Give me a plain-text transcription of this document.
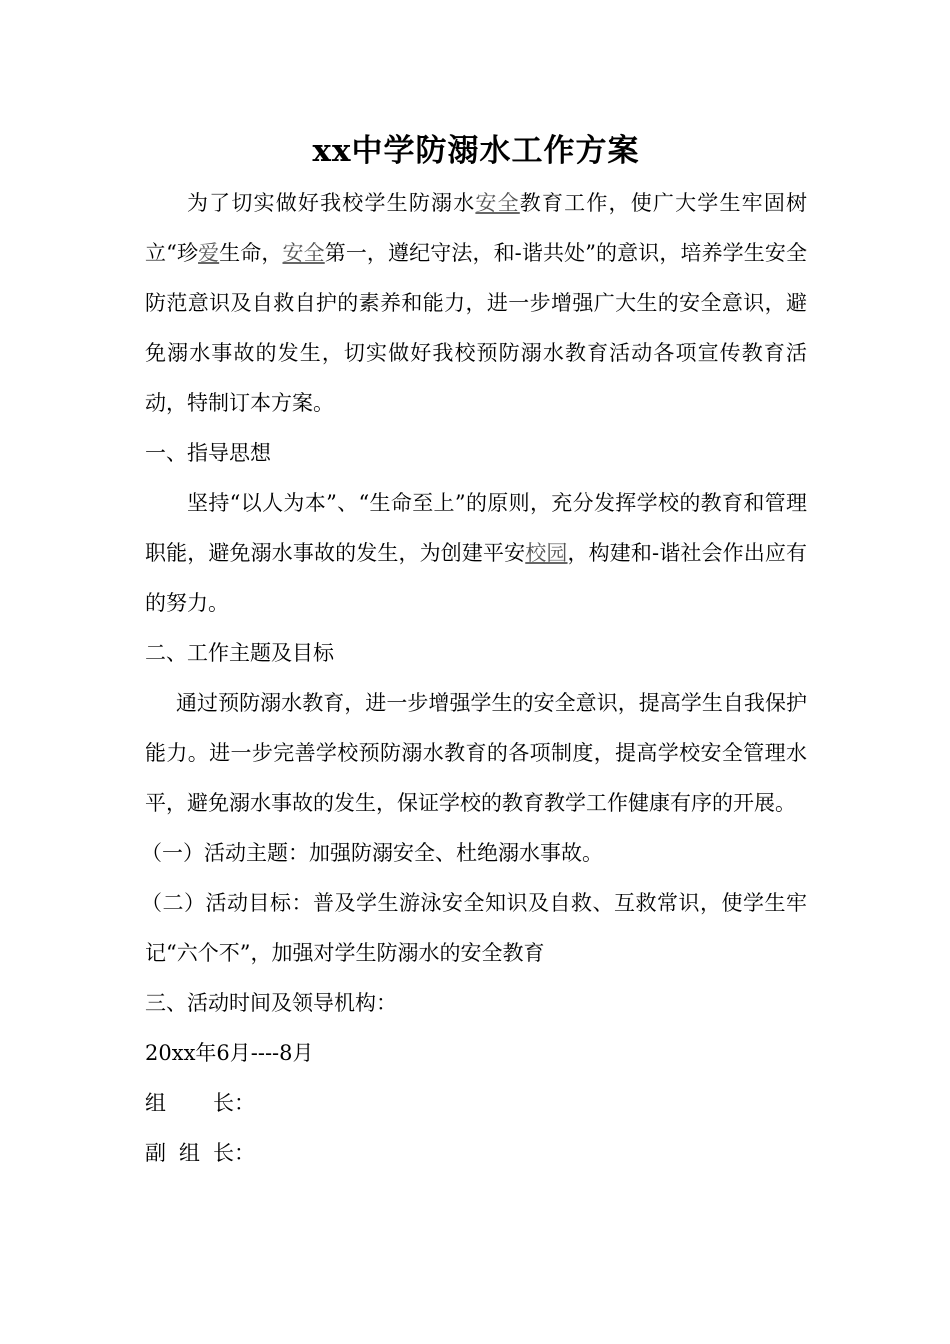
xx中学防溺水工作方案

为了切实做好我校学生防溺水安全教育工作，使广大学生牢固树立“珍爱生命，安全第一，遵纪守法，和-谐共处”的意识，培养学生安全防范意识及自救自护的素养和能力，进一步增强广大生的安全意识，避免溺水事故的发生，切实做好我校预防溺水教育活动各项宣传教育活动，特制订本方案。

一、指导思想

坚持“以人为本”、“生命至上”的原则，充分发挥学校的教育和管理职能，避免溺水事故的发生，为创建平安校园，构建和-谐社会作出应有的努力。

二、工作主题及目标

通过预防溺水教育，进一步增强学生的安全意识，提高学生自我保护能力。进一步完善学校预防溺水教育的各项制度，提高学校安全管理水平，避免溺水事故的发生，保证学校的教育教学工作健康有序的开展。

（一）活动主题：加强防溺安全、杜绝溺水事故。

（二）活动目标：普及学生游泳安全知识及自救、互救常识，使学生牢记“六个不”，加强对学生防溺水的安全教育

三、活动时间及领导机构：

20xx年6月----8月

组 长：

副 组 长：
